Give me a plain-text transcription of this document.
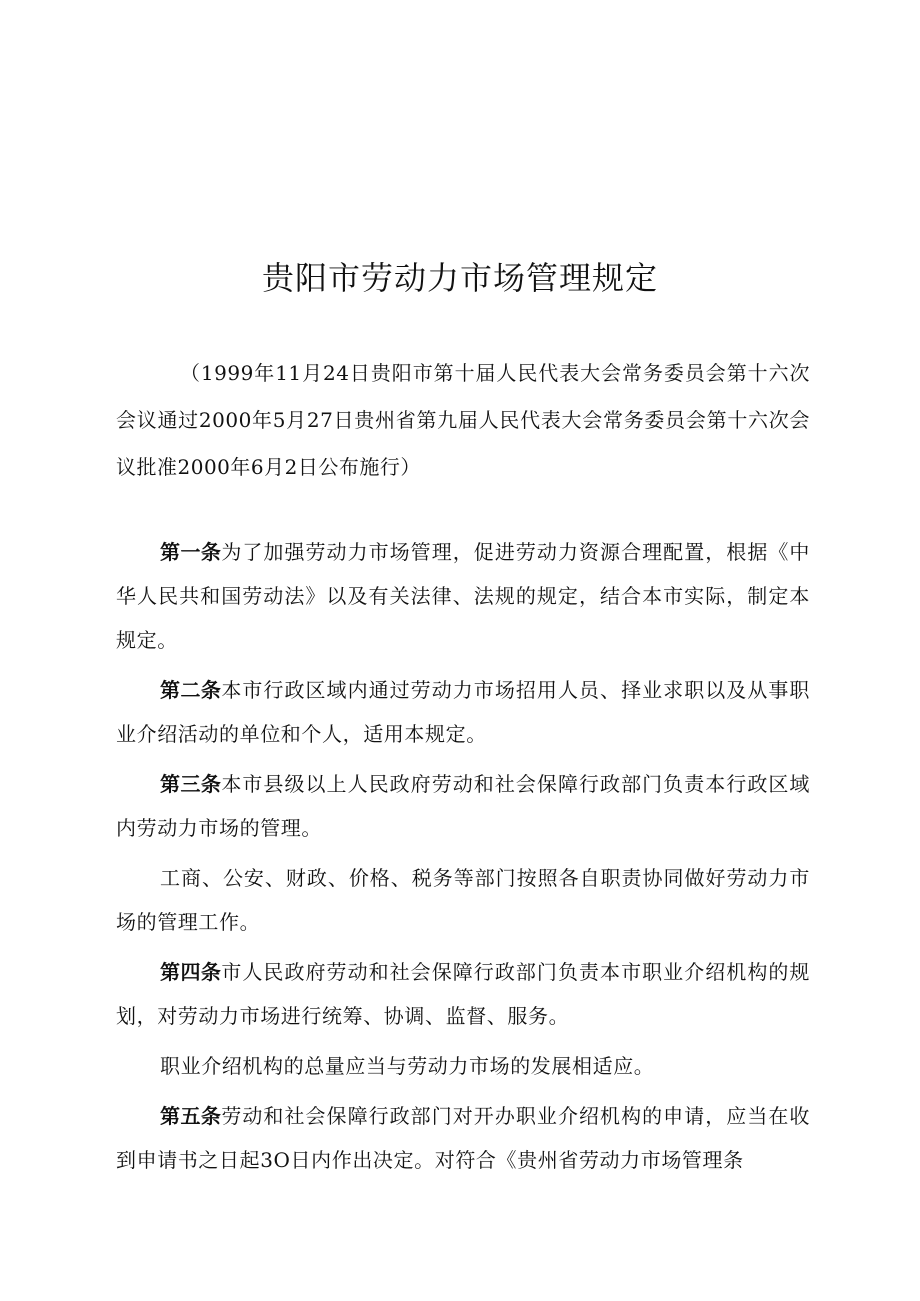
贵阳市劳动力市场管理规定

（1999年11月24日贵阳市第十届人民代表大会常务委员会第十六次会议通过2000年5月27日贵州省第九届人民代表大会常务委员会第十六次会议批准2000年6月2日公布施行）

第一条为了加强劳动力市场管理，促进劳动力资源合理配置，根据《中华人民共和国劳动法》以及有关法律、法规的规定，结合本市实际，制定本规定。

第二条本市行政区域内通过劳动力市场招用人员、择业求职以及从事职业介绍活动的单位和个人，适用本规定。

第三条本市县级以上人民政府劳动和社会保障行政部门负责本行政区域内劳动力市场的管理。

工商、公安、财政、价格、税务等部门按照各自职责协同做好劳动力市场的管理工作。

第四条市人民政府劳动和社会保障行政部门负责本市职业介绍机构的规划，对劳动力市场进行统筹、协调、监督、服务。

职业介绍机构的总量应当与劳动力市场的发展相适应。

第五条劳动和社会保障行政部门对开办职业介绍机构的申请，应当在收到申请书之日起3O日内作出决定。对符合《贵州省劳动力市场管理条
